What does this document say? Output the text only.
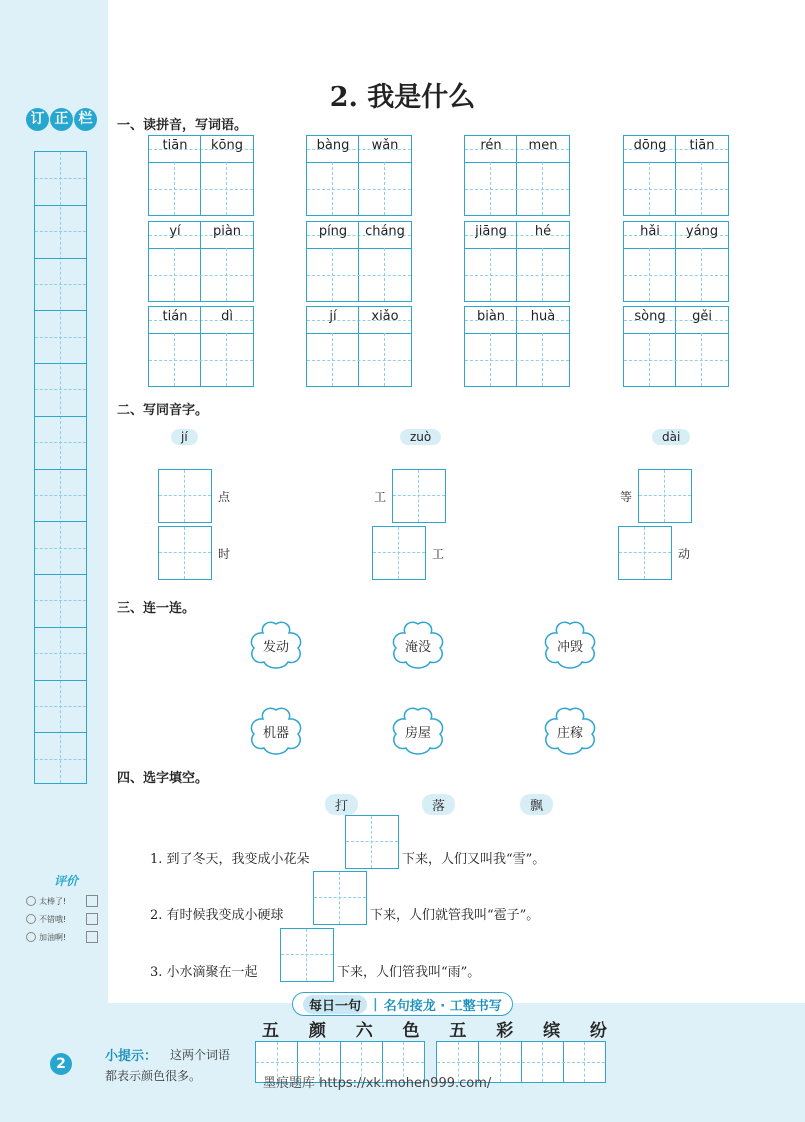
订 正 栏
评价
太棒了!
不错哦!
加油啊!
2. 我是什么
一、读拼音，写词语。
tiān	kōng	bàng	wǎn	rén	men	dōng	tiān
yí	piàn	píng	cháng	jiāng	hé	hǎi	yáng
tián	dì	jí	xiǎo	biàn	huà	sòng	gěi
二、写同音字。
jí	zuò	dài
点
时
工
工
等
动
三、连一连。
发动	淹没	冲毁
机器	房屋	庄稼
四、选字填空。
打	落	飘
1. 到了冬天，我变成小花朵	下来，人们又叫我“雪”。
2. 有时候我变成小硬球	下来，人们就管我叫“雹子”。
3. 小水滴聚在一起	下来，人们管我叫“雨”。
每日一句 | 名句接龙 · 工整书写
五 颜 六 色 五 彩 缤 纷
2	小提示： 这两个词语
都表示颜色很多。	墨痕题库 https://xk.mohen999.com/
